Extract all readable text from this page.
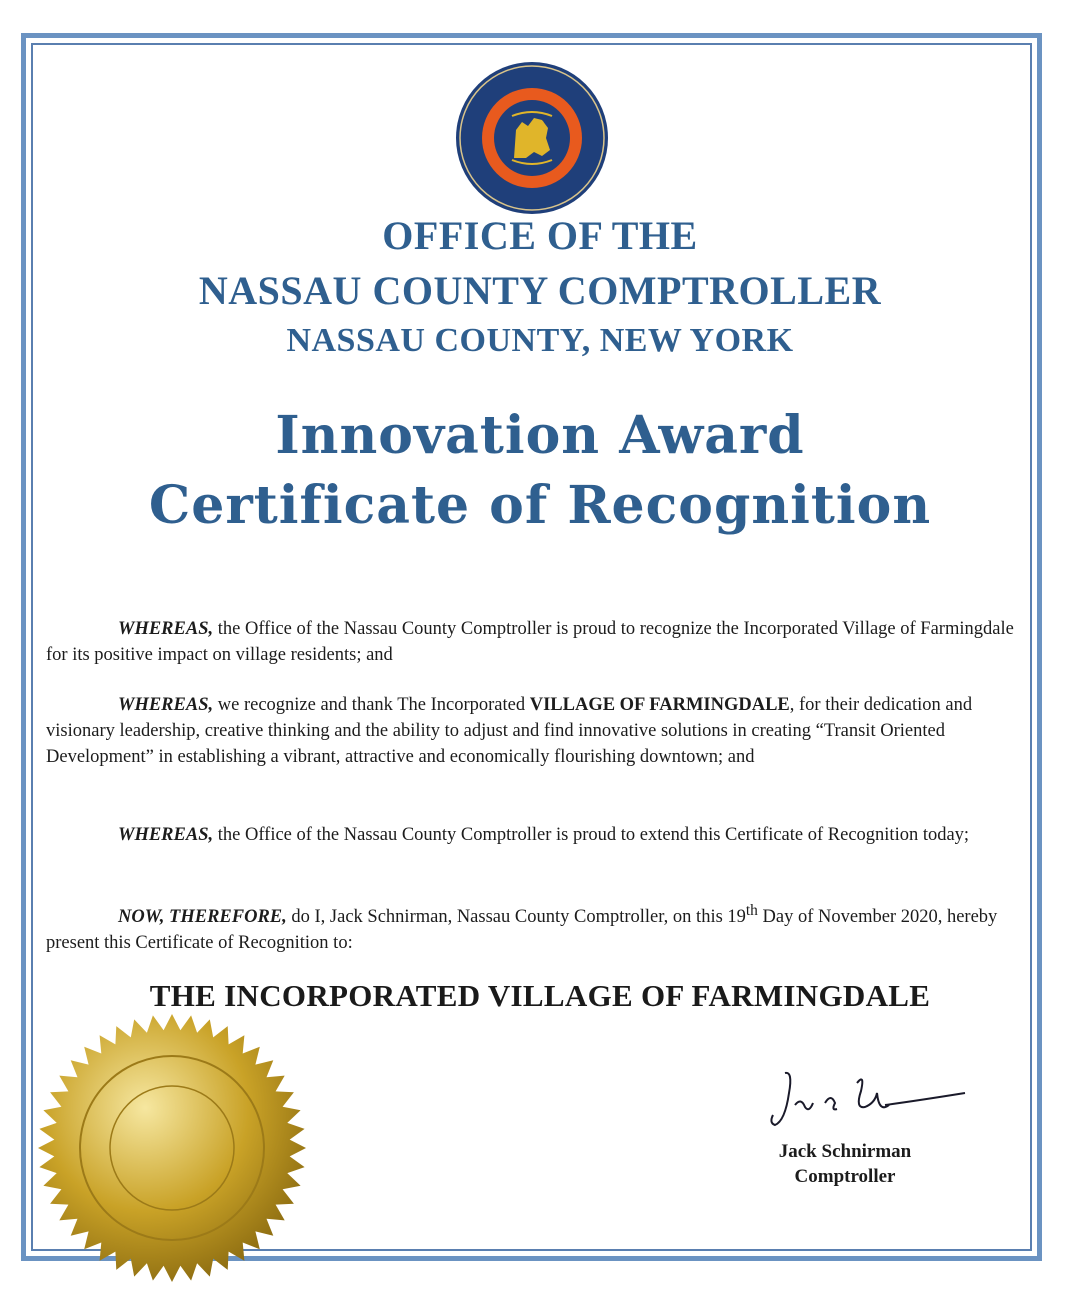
OFFICE OF THE
NASSAU COUNTY COMPTROLLER
NASSAU COUNTY, NEW YORK
Innovation Award
Certificate of Recognition
WHEREAS, the Office of the Nassau County Comptroller is proud to recognize the Incorporated Village of Farmingdale for its positive impact on village residents; and
WHEREAS, we recognize and thank The Incorporated VILLAGE OF FARMINGDALE, for their dedication and visionary leadership, creative thinking and the ability to adjust and find innovative solutions in creating “Transit Oriented Development” in establishing a vibrant, attractive and economically flourishing downtown; and
WHEREAS, the Office of the Nassau County Comptroller is proud to extend this Certificate of Recognition today;
NOW, THEREFORE, do I, Jack Schnirman, Nassau County Comptroller, on this 19th Day of November 2020, hereby present this Certificate of Recognition to:
THE INCORPORATED VILLAGE OF FARMINGDALE
Jack Schnirman
Comptroller
